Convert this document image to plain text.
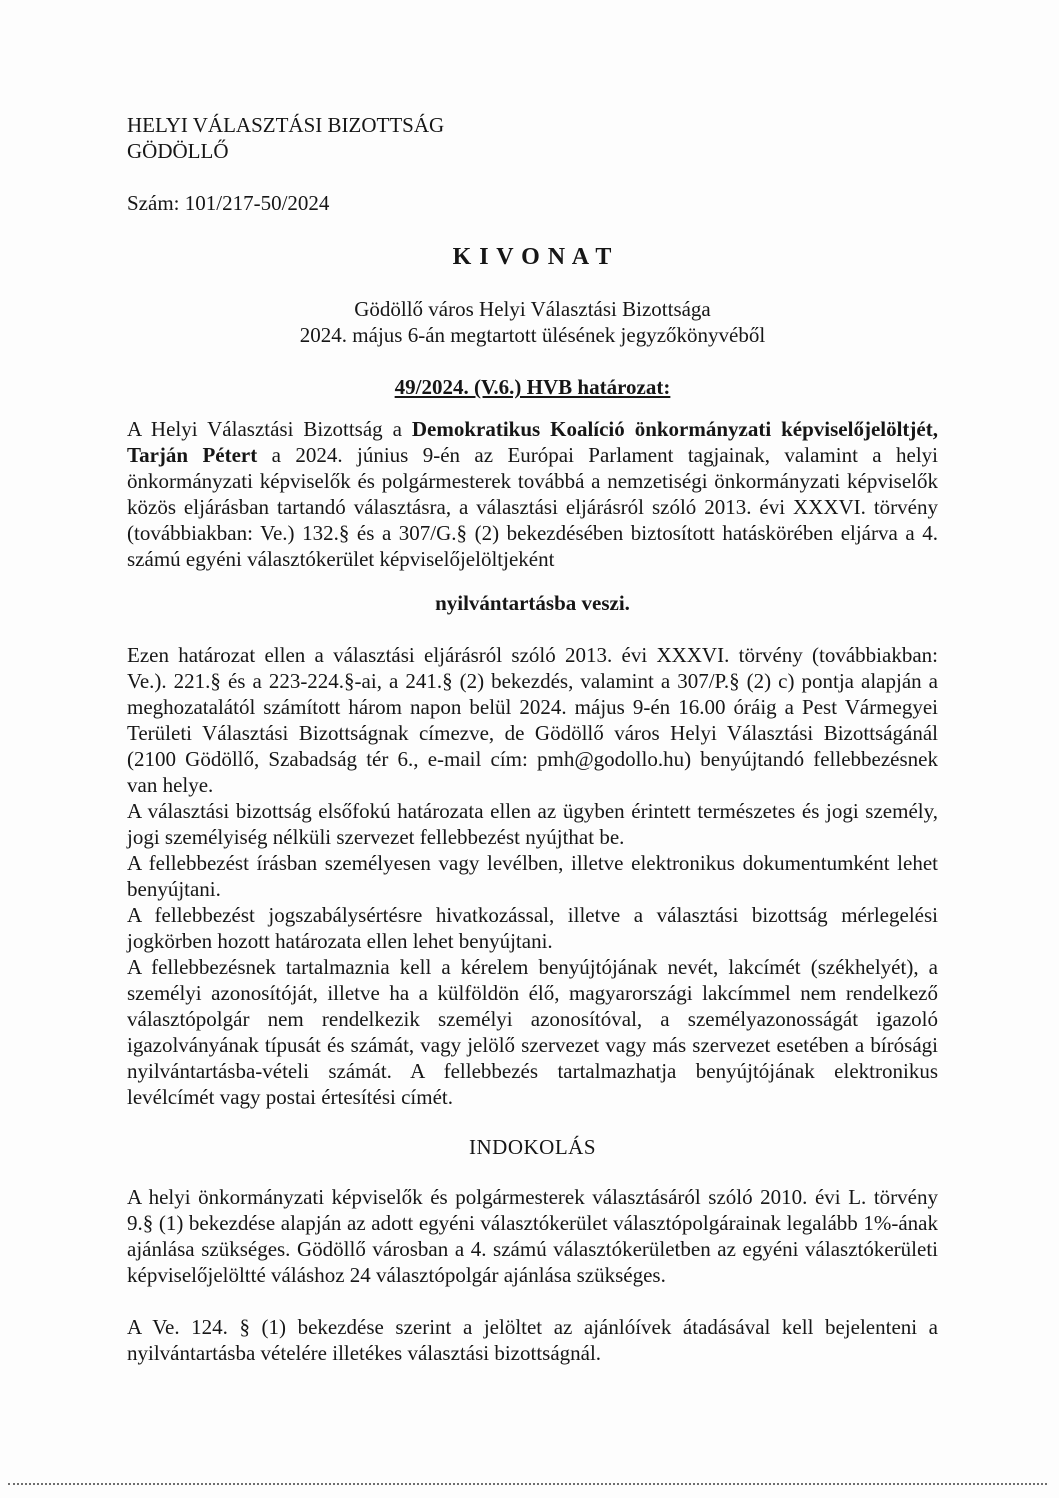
HELYI VÁLASZTÁSI BIZOTTSÁG

GÖDÖLLŐ

Szám: 101/217-50/2024

K I V O N A T

Gödöllő város Helyi Választási Bizottsága

2024. május 6-án megtartott ülésének jegyzőkönyvéből

49/2024. (V.6.) HVB határozat:

A Helyi Választási Bizottság a Demokratikus Koalíció önkormányzati képviselőjelöltjét, Tarján Pétert a 2024. június 9-én az Európai Parlament tagjainak, valamint a helyi önkormányzati képviselők és polgármesterek továbbá a nemzetiségi önkormányzati képviselők közös eljárásban tartandó választásra, a választási eljárásról szóló 2013. évi XXXVI. törvény (továbbiakban: Ve.) 132.§ és a 307/G.§ (2) bekezdésében biztosított hatáskörében eljárva a 4. számú egyéni választókerület képviselőjelöltjeként

nyilvántartásba veszi.

Ezen határozat ellen a választási eljárásról szóló 2013. évi XXXVI. törvény (továbbiakban: Ve.). 221.§ és a 223-224.§-ai, a 241.§ (2) bekezdés, valamint a 307/P.§ (2) c) pontja alapján a meghozatalától számított három napon belül 2024. május 9-én 16.00 óráig a Pest Vármegyei Területi Választási Bizottságnak címezve, de Gödöllő város Helyi Választási Bizottságánál (2100 Gödöllő, Szabadság tér 6., e-mail cím: pmh@godollo.hu) benyújtandó fellebbezésnek van helye.

A választási bizottság elsőfokú határozata ellen az ügyben érintett természetes és jogi személy, jogi személyiség nélküli szervezet fellebbezést nyújthat be.

A fellebbezést írásban személyesen vagy levélben, illetve elektronikus dokumentumként lehet benyújtani.

A fellebbezést jogszabálysértésre hivatkozással, illetve a választási bizottság mérlegelési jogkörben hozott határozata ellen lehet benyújtani.

A fellebbezésnek tartalmaznia kell a kérelem benyújtójának nevét, lakcímét (székhelyét), a személyi azonosítóját, illetve ha a külföldön élő, magyarországi lakcímmel nem rendelkező választópolgár nem rendelkezik személyi azonosítóval, a személyazonosságát igazoló igazolványának típusát és számát, vagy jelölő szervezet vagy más szervezet esetében a bírósági nyilvántartásba-vételi számát. A fellebbezés tartalmazhatja benyújtójának elektronikus levélcímét vagy postai értesítési címét.

INDOKOLÁS

A helyi önkormányzati képviselők és polgármesterek választásáról szóló 2010. évi L. törvény 9.§ (1) bekezdése alapján az adott egyéni választókerület választópolgárainak legalább 1%-ának ajánlása szükséges. Gödöllő városban a 4. számú választókerületben az egyéni választókerületi képviselőjelöltté váláshoz 24 választópolgár ajánlása szükséges.

A Ve. 124. § (1) bekezdése szerint a jelöltet az ajánlóívek átadásával kell bejelenteni a nyilvántartásba vételére illetékes választási bizottságnál.
